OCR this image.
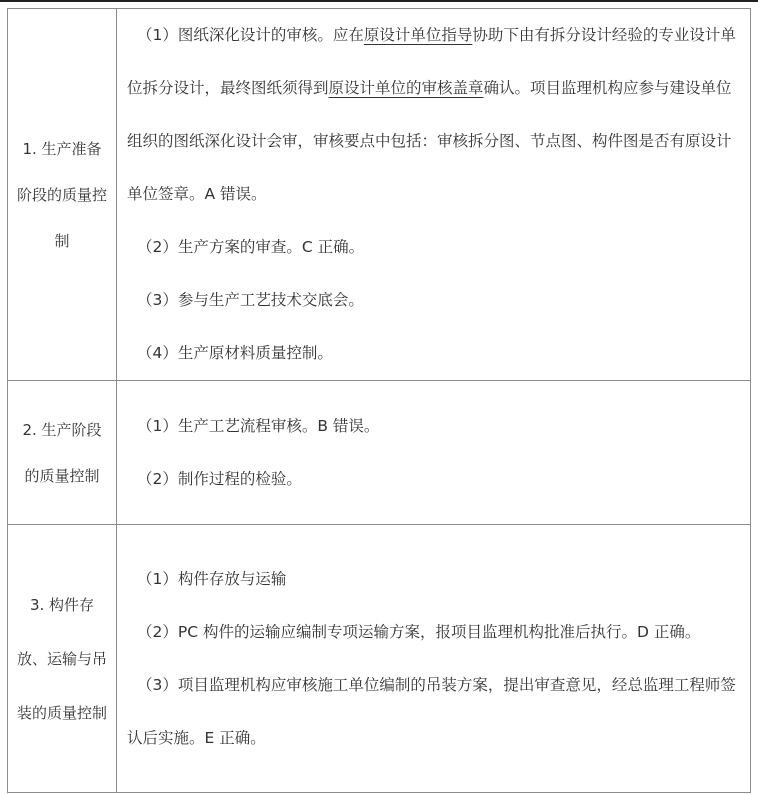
1. 生产准备阶段的质量控制	（1）图纸深化设计的审核。应在原设计单位指导协助下由有拆分设计经验的专业设计单位拆分设计，最终图纸须得到原设计单位的审核盖章确认。项目监理机构应参与建设单位组织的图纸深化设计会审，审核要点中包括：审核拆分图、节点图、构件图是否有原设计单位签章。A 错误。

（2）生产方案的审查。C 正确。

（3）参与生产工艺技术交底会。

（4）生产原材料质量控制。

2. 生产阶段的质量控制	（1）生产工艺流程审核。B 错误。

（2）制作过程的检验。

3. 构件存放、运输与吊装的质量控制	（1）构件存放与运输

（2）PC 构件的运输应编制专项运输方案，报项目监理机构批准后执行。D 正确。

（3）项目监理机构应审核施工单位编制的吊装方案，提出审查意见，经总监理工程师签认后实施。E 正确。
